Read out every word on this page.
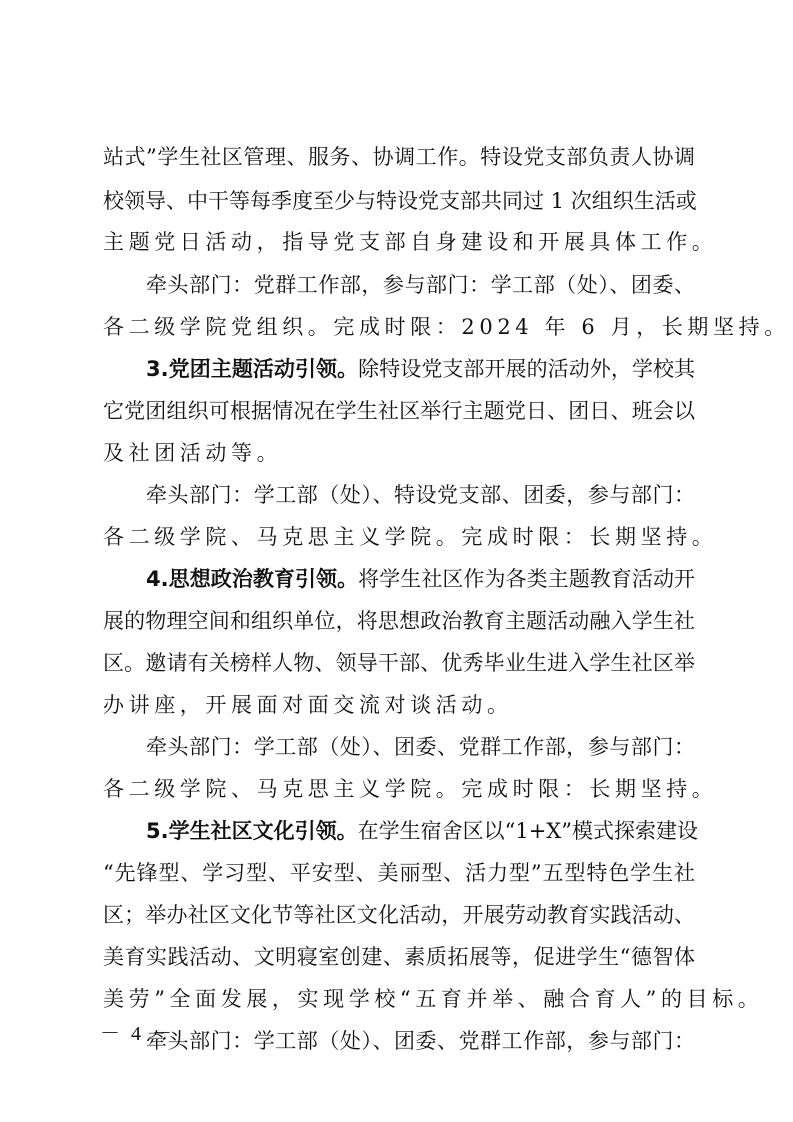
站式”学生社区管理、服务、协调工作。特设党支部负责人协调
校领导、中干等每季度至少与特设党支部共同过 1 次组织生活或
主题党日活动，指导党支部自身建设和开展具体工作。
牵头部门：党群工作部，参与部门：学工部（处）、团委、
各二级学院党组织。完成时限：2024 年 6 月，长期坚持。
3.党团主题活动引领。除特设党支部开展的活动外，学校其
它党团组织可根据情况在学生社区举行主题党日、团日、班会以
及社团活动等。
牵头部门：学工部（处）、特设党支部、团委，参与部门：
各二级学院、马克思主义学院。完成时限：长期坚持。
4.思想政治教育引领。将学生社区作为各类主题教育活动开
展的物理空间和组织单位，将思想政治教育主题活动融入学生社
区。邀请有关榜样人物、领导干部、优秀毕业生进入学生社区举
办讲座，开展面对面交流对谈活动。
牵头部门：学工部（处）、团委、党群工作部，参与部门：
各二级学院、马克思主义学院。完成时限：长期坚持。
5.学生社区文化引领。在学生宿舍区以“1+X”模式探索建设
“先锋型、学习型、平安型、美丽型、活力型”五型特色学生社
区；举办社区文化节等社区文化活动，开展劳动教育实践活动、
美育实践活动、文明寝室创建、素质拓展等，促进学生“德智体
美劳”全面发展，实现学校“五育并举、融合育人”的目标。
牵头部门：学工部（处）、团委、党群工作部，参与部门：
－ 4 －
